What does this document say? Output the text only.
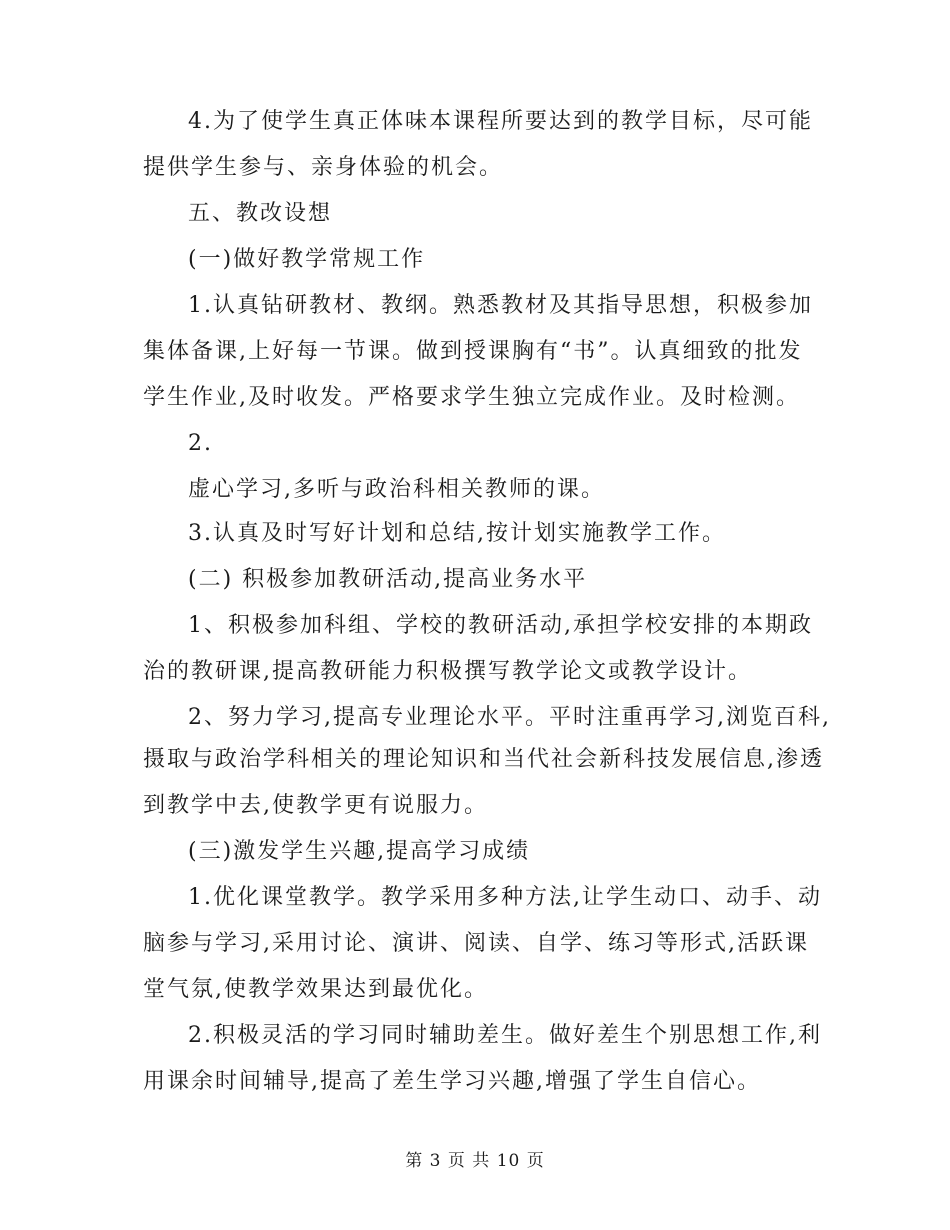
4.为了使学生真正体味本课程所要达到的教学目标，尽可能
提供学生参与、亲身体验的机会。
五、教改设想
(一)做好教学常规工作
1.认真钻研教材、教纲。熟悉教材及其指导思想，积极参加
集体备课,上好每一节课。做到授课胸有“书”。认真细致的批发
学生作业,及时收发。严格要求学生独立完成作业。及时检测。
2.
虚心学习,多听与政治科相关教师的课。
3.认真及时写好计划和总结,按计划实施教学工作。
(二) 积极参加教研活动,提高业务水平
1、积极参加科组、学校的教研活动,承担学校安排的本期政
治的教研课,提高教研能力积极撰写教学论文或教学设计。
2、努力学习,提高专业理论水平。平时注重再学习,浏览百科,
摄取与政治学科相关的理论知识和当代社会新科技发展信息,渗透
到教学中去,使教学更有说服力。
(三)激发学生兴趣,提高学习成绩
1.优化课堂教学。教学采用多种方法,让学生动口、动手、动
脑参与学习,采用讨论、演讲、阅读、自学、练习等形式,活跃课
堂气氛,使教学效果达到最优化。
2.积极灵活的学习同时辅助差生。做好差生个别思想工作,利
用课余时间辅导,提高了差生学习兴趣,增强了学生自信心。
第 3 页 共 10 页
